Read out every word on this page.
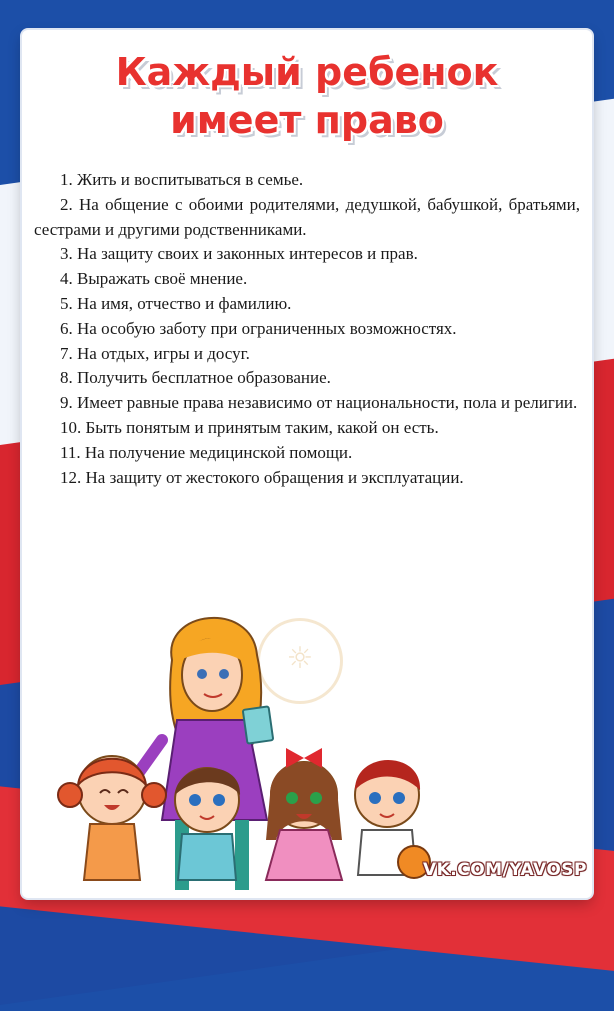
Каждый ребенок
имеет право
1. Жить и воспитываться в семье.
2. На общение с обоими родителями, дедушкой, бабушкой, братьями, сестрами и другими родственниками.
3. На защиту своих и законных интересов и прав.
4. Выражать своё мнение.
5. На имя, отчество и фамилию.
6. На особую заботу при ограниченных возможностях.
7. На отдых, игры и досуг.
8. Получить бесплатное образование.
9. Имеет равные права независимо от национальности, пола и религии.
10. Быть понятым и принятым таким, какой он есть.
11. На получение медицинской помощи.
12. На защиту от жестокого обращения и эксплуатации.
☼
VK.COM/YAVOSP
